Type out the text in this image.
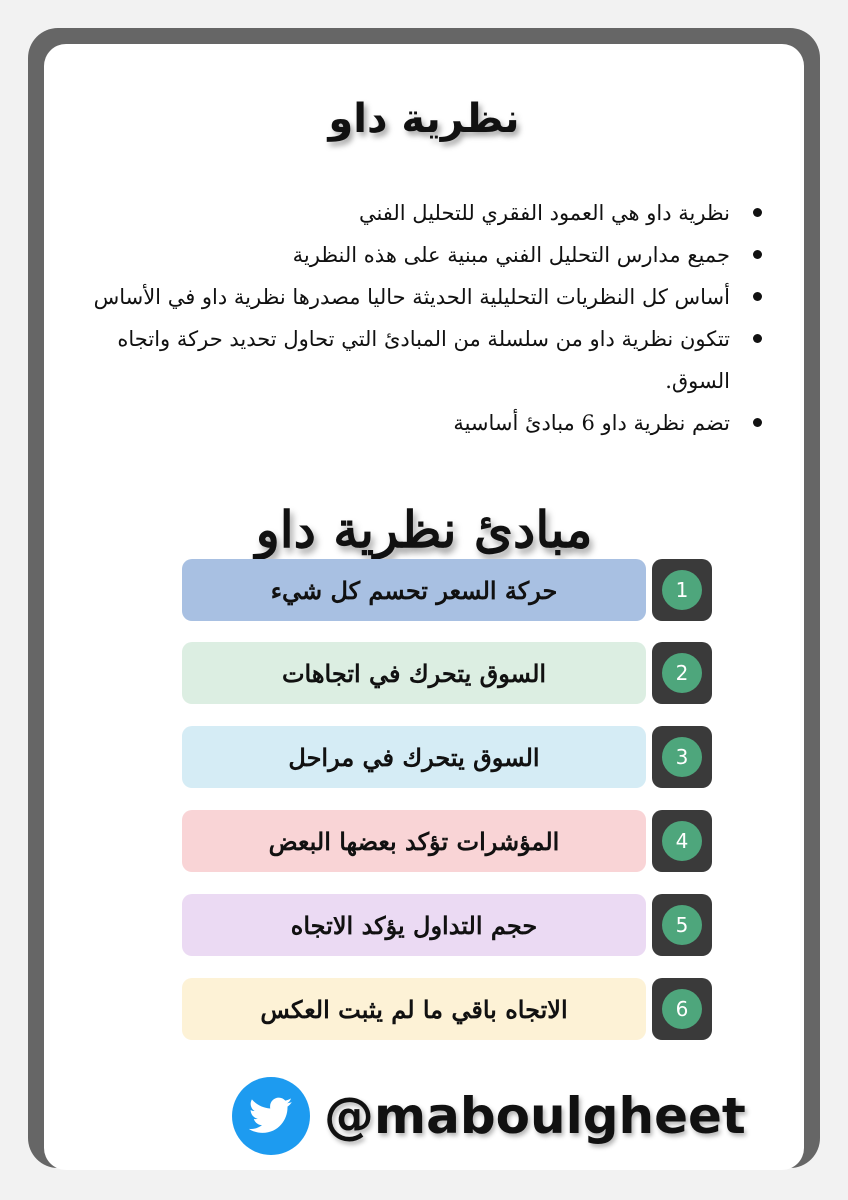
نظرية داو
نظرية داو هي العمود الفقري للتحليل الفني
جميع مدارس التحليل الفني مبنية على هذه النظرية
أساس كل النظريات التحليلية الحديثة حاليا مصدرها نظرية داو في الأساس
تتكون نظرية داو من سلسلة من المبادئ التي تحاول تحديد حركة واتجاه السوق.
تضم نظرية داو 6 مبادئ أساسية
مبادئ نظرية داو
حركة السعر تحسم كل شيء	1
السوق يتحرك في اتجاهات	2
السوق يتحرك في مراحل	3
المؤشرات تؤكد بعضها البعض	4
حجم التداول يؤكد الاتجاه	5
الاتجاه باقي ما لم يثبت العكس	6
@maboulgheet
